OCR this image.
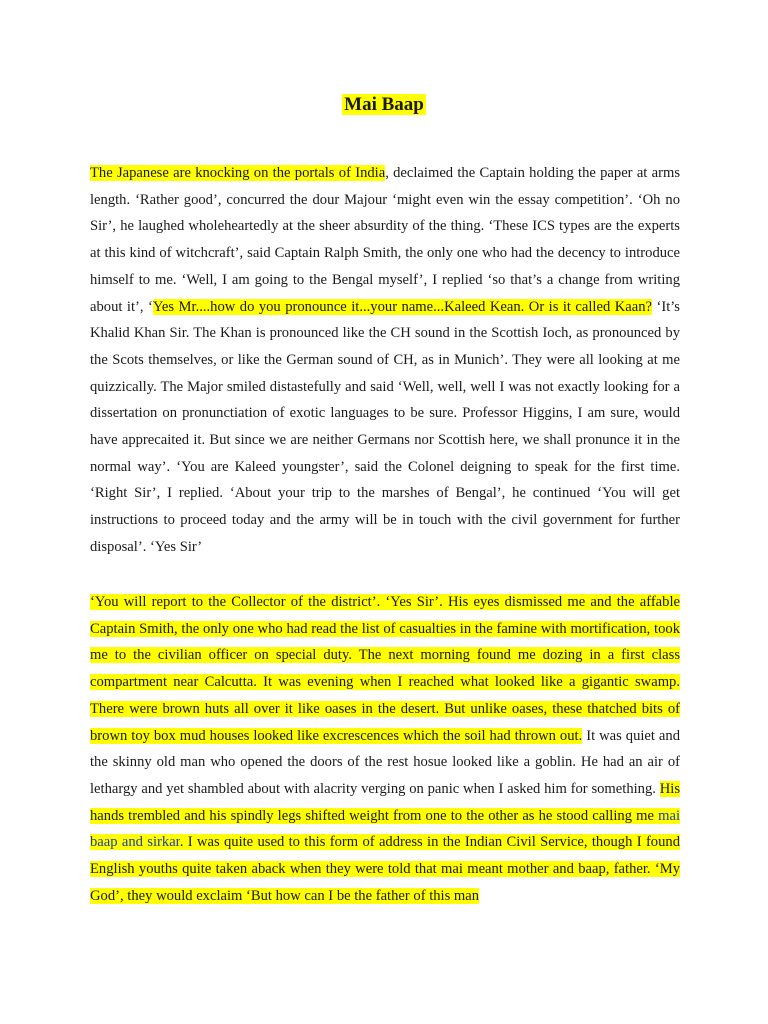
Mai Baap

The Japanese are knocking on the portals of India, declaimed the Captain holding the paper at arms length. ‘Rather good’, concurred the dour Majour ‘might even win the essay competition’. ‘Oh no Sir’, he laughed wholeheartedly at the sheer absurdity of the thing. ‘These ICS types are the experts at this kind of witchcraft’, said Captain Ralph Smith, the only one who had the decency to introduce himself to me. ‘Well, I am going to the Bengal myself’, I replied ‘so that’s a change from writing about it’, ‘Yes Mr....how do you pronounce it...your name...Kaleed Kean. Or is it called Kaan? ‘It’s Khalid Khan Sir. The Khan is pronounced like the CH sound in the Scottish Ioch, as pronounced by the Scots themselves, or like the German sound of CH, as in Munich’. They were all looking at me quizzically. The Major smiled distastefully and said ‘Well, well, well I was not exactly looking for a dissertation on pronunctiation of exotic languages to be sure. Professor Higgins, I am sure, would have apprecaited it. But since we are neither Germans nor Scottish here, we shall pronunce it in the normal way’. ‘You are Kaleed youngster’, said the Colonel deigning to speak for the first time. ‘Right Sir’, I replied. ‘About your trip to the marshes of Bengal’, he continued ‘You will get instructions to proceed today and the army will be in touch with the civil government for further disposal’. ‘Yes Sir’

‘You will report to the Collector of the district’. ‘Yes Sir’. His eyes dismissed me and the affable Captain Smith, the only one who had read the list of casualties in the famine with mortification, took me to the civilian officer on special duty. The next morning found me dozing in a first class compartment near Calcutta. It was evening when I reached what looked like a gigantic swamp. There were brown huts all over it like oases in the desert. But unlike oases, these thatched bits of brown toy box mud houses looked like excrescences which the soil had thrown out. It was quiet and the skinny old man who opened the doors of the rest hosue looked like a goblin. He had an air of lethargy and yet shambled about with alacrity verging on panic when I asked him for something. His hands trembled and his spindly legs shifted weight from one to the other as he stood calling me mai baap and sirkar. I was quite used to this form of address in the Indian Civil Service, though I found English youths quite taken aback when they were told that mai meant mother and baap, father. ‘My God’, they would exclaim ‘But how can I be the father of this man
